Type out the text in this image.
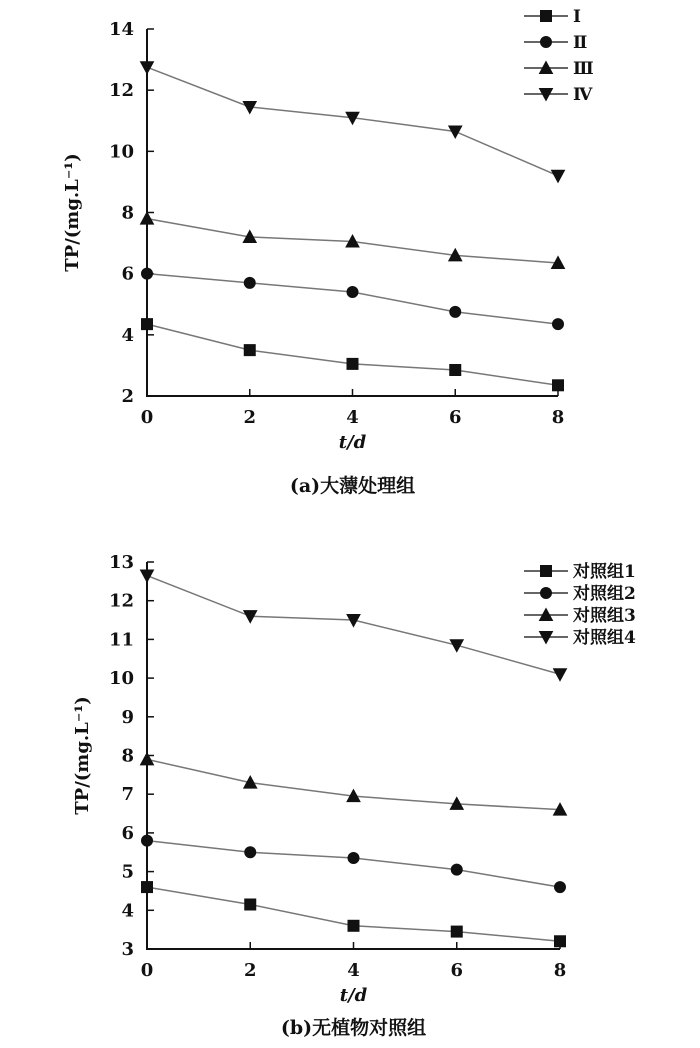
2
4
6
8
10
12
14
0	2	4	6	8
Ⅰ
Ⅱ
Ⅲ
Ⅳ
t/d
TP/(mg.L⁻¹)
(a)大薸处理组
3
4
5
6
7
8
9
10
11
12
13
0	2	4	6	8
对照组1
对照组2
对照组3
对照组4
t/d
TP/(mg.L⁻¹)
(b)无植物对照组
